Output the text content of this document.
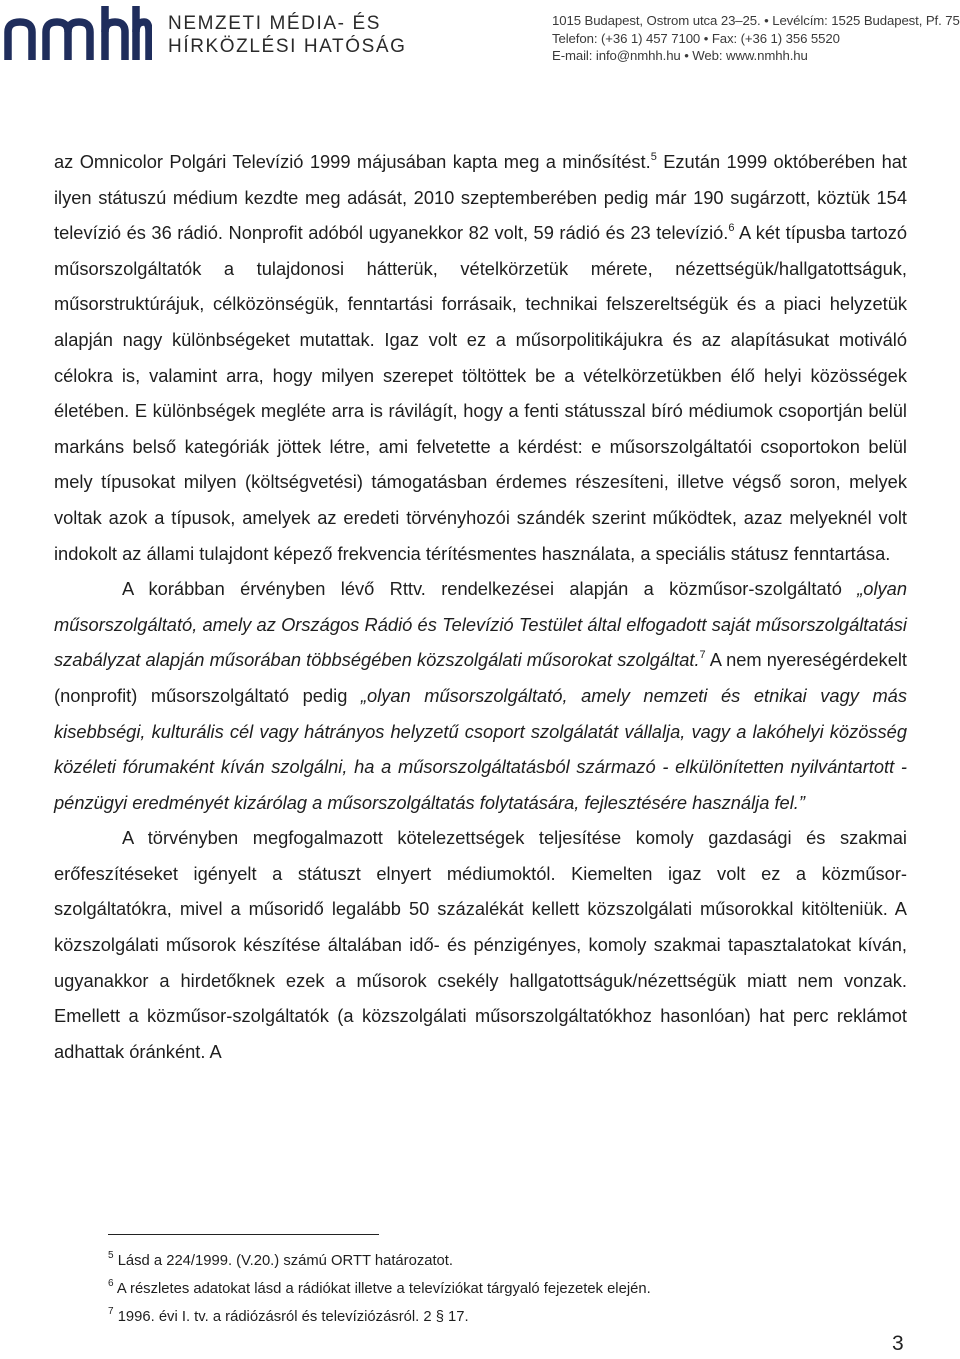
NEMZETI MÉDIA- ÉS
HÍRKÖZLÉSI HATÓSÁG
1015 Budapest, Ostrom utca 23–25. • Levélcím: 1525 Budapest, Pf. 75
Telefon: (+36 1) 457 7100 • Fax: (+36 1) 356 5520
E-mail: info@nmhh.hu • Web: www.nmhh.hu

az Omnicolor Polgári Televízió 1999 májusában kapta meg a minősítést.$^5$ Ezután 1999 októberében hat ilyen státuszú médium kezdte meg adását, 2010 szeptemberében pedig már 190 sugárzott, köztük 154 televízió és 36 rádió. Nonprofit adóból ugyanekkor 82 volt, 59 rádió és 23 televízió.$^6$ A két típusba tartozó műsorszolgáltatók a tulajdonosi hátterük, vételkörzetük mérete, nézettségük/hallgatottságuk, műsorstruktúrájuk, célközönségük, fenntartási forrásaik, technikai felszereltségük és a piaci helyzetük alapján nagy különbségeket mutattak. Igaz volt ez a műsorpolitikájukra és az alapításukat motiváló célokra is, valamint arra, hogy milyen szerepet töltöttek be a vételkörzetükben élő helyi közösségek életében. E különbségek megléte arra is rávilágít, hogy a fenti státusszal bíró médiumok csoportján belül markáns belső kategóriák jöttek létre, ami felvetette a kérdést: e műsorszolgáltatói csoportokon belül mely típusokat milyen (költségvetési) támogatásban érdemes részesíteni, illetve végső soron, melyek voltak azok a típusok, amelyek az eredeti törvényhozói szándék szerint működtek, azaz melyeknél volt indokolt az állami tulajdont képező frekvencia térítésmentes használata, a speciális státusz fenntartása.

A korábban érvényben lévő Rttv. rendelkezései alapján a közműsor-szolgáltató „olyan műsorszolgáltató, amely az Országos Rádió és Televízió Testület által elfogadott saját műsorszolgáltatási szabályzat alapján műsorában többségében közszolgálati műsorokat szolgáltat.$^7$ A nem nyereségérdekelt (nonprofit) műsorszolgáltató pedig „olyan műsorszolgáltató, amely nemzeti és etnikai vagy más kisebbségi, kulturális cél vagy hátrányos helyzetű csoport szolgálatát vállalja, vagy a lakóhelyi közösség közéleti fórumaként kíván szolgálni, ha a műsorszolgáltatásból származó - elkülönítetten nyilvántartott - pénzügyi eredményét kizárólag a műsorszolgáltatás folytatására, fejlesztésére használja fel.”

A törvényben megfogalmazott kötelezettségek teljesítése komoly gazdasági és szakmai erőfeszítéseket igényelt a státuszt elnyert médiumoktól. Kiemelten igaz volt ez a közműsor-szolgáltatókra, mivel a műsoridő legalább 50 százalékát kellett közszolgálati műsorokkal kitölteniük. A közszolgálati műsorok készítése általában idő- és pénzigényes, komoly szakmai tapasztalatokat kíván, ugyanakkor a hirdetőknek ezek a műsorok csekély hallgatottságuk/nézettségük miatt nem vonzak. Emellett a közműsor-szolgáltatók (a közszolgálati műsorszolgáltatókhoz hasonlóan) hat perc reklámot adhattak óránként. A

$^5$ Lásd a 224/1999. (V.20.) számú ORTT határozatot.
$^6$ A részletes adatokat lásd a rádiókat illetve a televíziókat tárgyaló fejezetek elején.
$^7$ 1996. évi I. tv. a rádiózásról és televíziózásról. 2 § 17.
3
